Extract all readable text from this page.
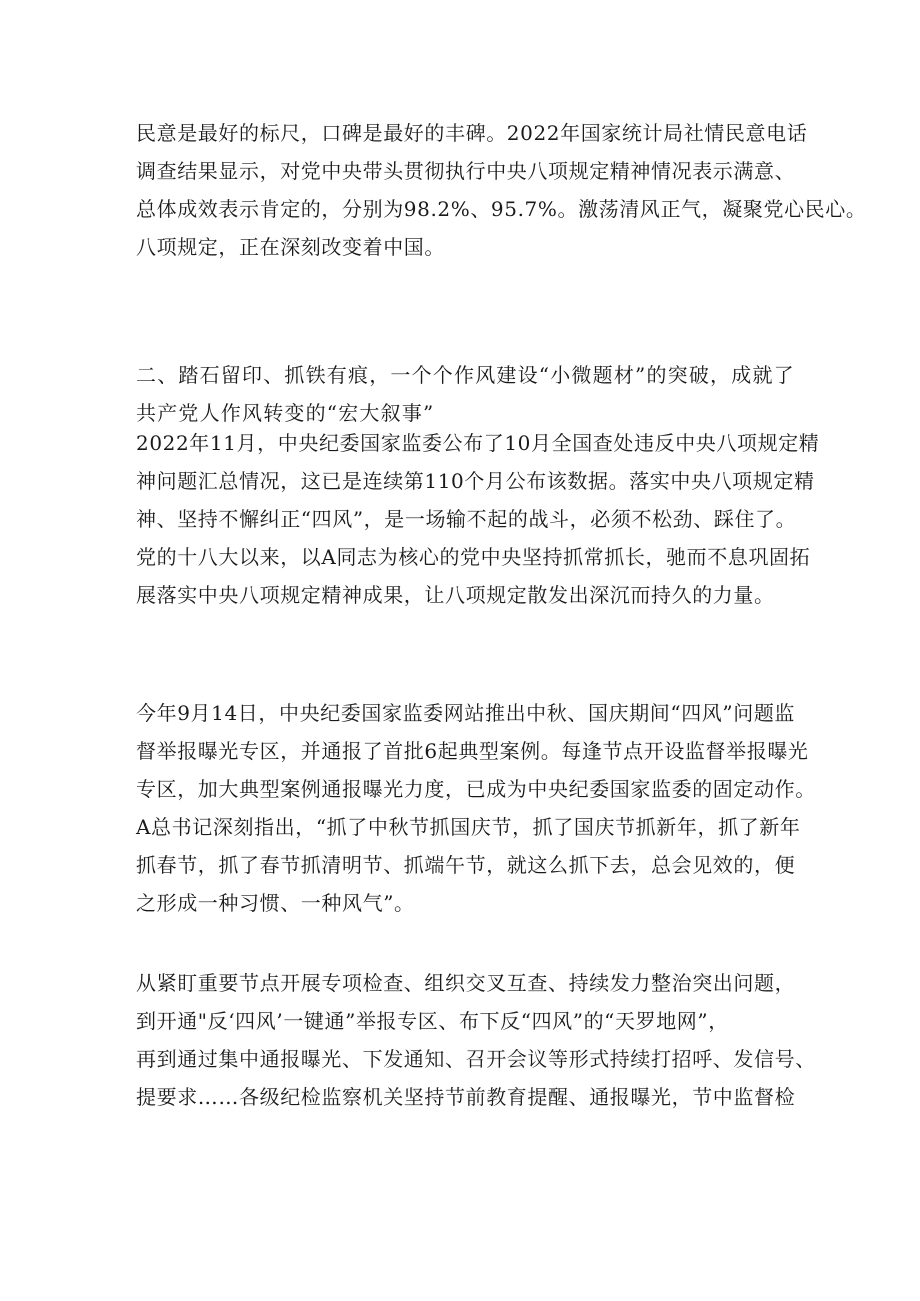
民意是最好的标尺，口碑是最好的丰碑。2022年国家统计局社情民意电话
调查结果显示，对党中央带头贯彻执行中央八项规定精神情况表示满意、
总体成效表示肯定的，分别为98.2%、95.7%。激荡清风正气，凝聚党心民心。
八项规定，正在深刻改变着中国。
二、踏石留印、抓铁有痕，一个个作风建设“小微题材”的突破，成就了
共产党人作风转变的“宏大叙事”
2022年11月，中央纪委国家监委公布了10月全国查处违反中央八项规定精
神问题汇总情况，这已是连续第110个月公布该数据。落实中央八项规定精
神、坚持不懈纠正“四风”，是一场输不起的战斗，必须不松劲、踩住了。
党的十八大以来，以A同志为核心的党中央坚持抓常抓长，驰而不息巩固拓
展落实中央八项规定精神成果，让八项规定散发出深沉而持久的力量。
今年9月14日，中央纪委国家监委网站推出中秋、国庆期间“四风”问题监
督举报曝光专区，并通报了首批6起典型案例。每逢节点开设监督举报曝光
专区，加大典型案例通报曝光力度，已成为中央纪委国家监委的固定动作。
A总书记深刻指出，“抓了中秋节抓国庆节，抓了国庆节抓新年，抓了新年
抓春节，抓了春节抓清明节、抓端午节，就这么抓下去，总会见效的，便
之形成一种习惯、一种风气”。
从紧盯重要节点开展专项检查、组织交叉互查、持续发力整治突出问题，
到开通"反‘四风’一键通”举报专区、布下反“四风”的“天罗地网”，
再到通过集中通报曝光、下发通知、召开会议等形式持续打招呼、发信号、
提要求……各级纪检监察机关坚持节前教育提醒、通报曝光，节中监督检
